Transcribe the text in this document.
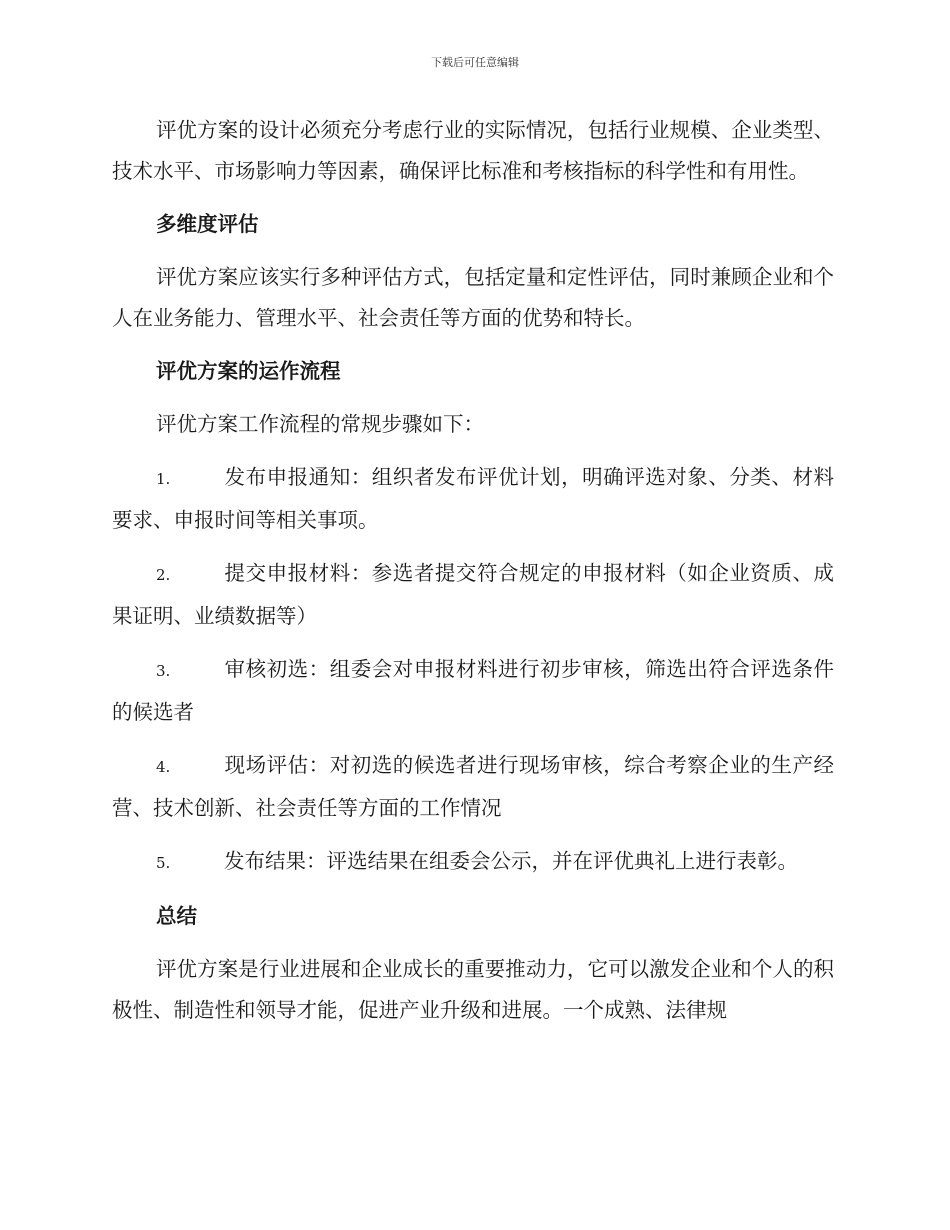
下载后可任意编辑

评优方案的设计必须充分考虑行业的实际情况，包括行业规模、企业类型、技术水平、市场影响力等因素，确保评比标准和考核指标的科学性和有用性。

多维度评估

评优方案应该实行多种评估方式，包括定量和定性评估，同时兼顾企业和个人在业务能力、管理水平、社会责任等方面的优势和特长。

评优方案的运作流程

评优方案工作流程的常规步骤如下：

1.	发布申报通知：组织者发布评优计划，明确评选对象、分类、材料要求、申报时间等相关事项。

2.	提交申报材料：参选者提交符合规定的申报材料（如企业资质、成果证明、业绩数据等）

3.	审核初选：组委会对申报材料进行初步审核，筛选出符合评选条件的候选者

4.	现场评估：对初选的候选者进行现场审核，综合考察企业的生产经营、技术创新、社会责任等方面的工作情况

5.	发布结果：评选结果在组委会公示，并在评优典礼上进行表彰。

总结

评优方案是行业进展和企业成长的重要推动力，它可以激发企业和个人的积极性、制造性和领导才能，促进产业升级和进展。一个成熟、法律规
